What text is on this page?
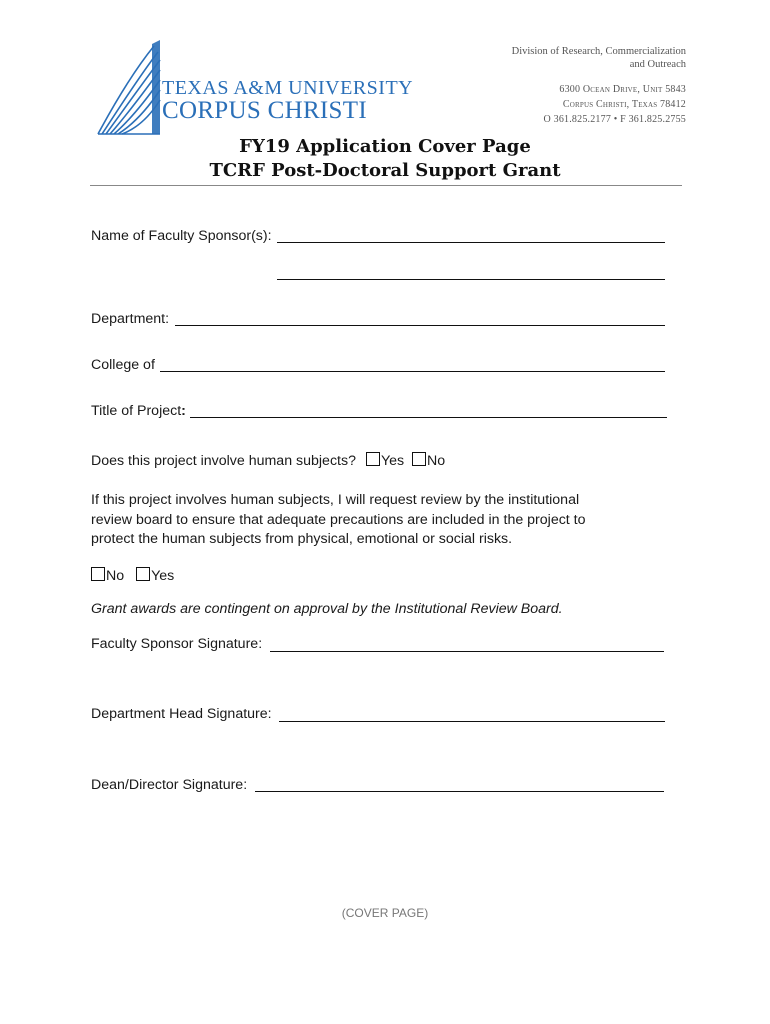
TEXAS A&M UNIVERSITY
CORPUS CHRISTI
Division of Research, Commercialization
and Outreach
6300 Ocean Drive, Unit 5843
Corpus Christi, Texas 78412
O 361.825.2177 • F 361.825.2755
FY19 Application Cover Page
TCRF Post-Doctoral Support Grant
Name of Faculty Sponsor(s):
Department:
College of
Title of Project:
Does this project involve human subjects? Yes No
If this project involves human subjects, I will request review by the institutional review board to ensure that adequate precautions are included in the project to protect the human subjects from physical, emotional or social risks.
No Yes
Grant awards are contingent on approval by the Institutional Review Board.
Faculty Sponsor Signature:
Department Head Signature:
Dean/Director Signature:
(COVER PAGE)
